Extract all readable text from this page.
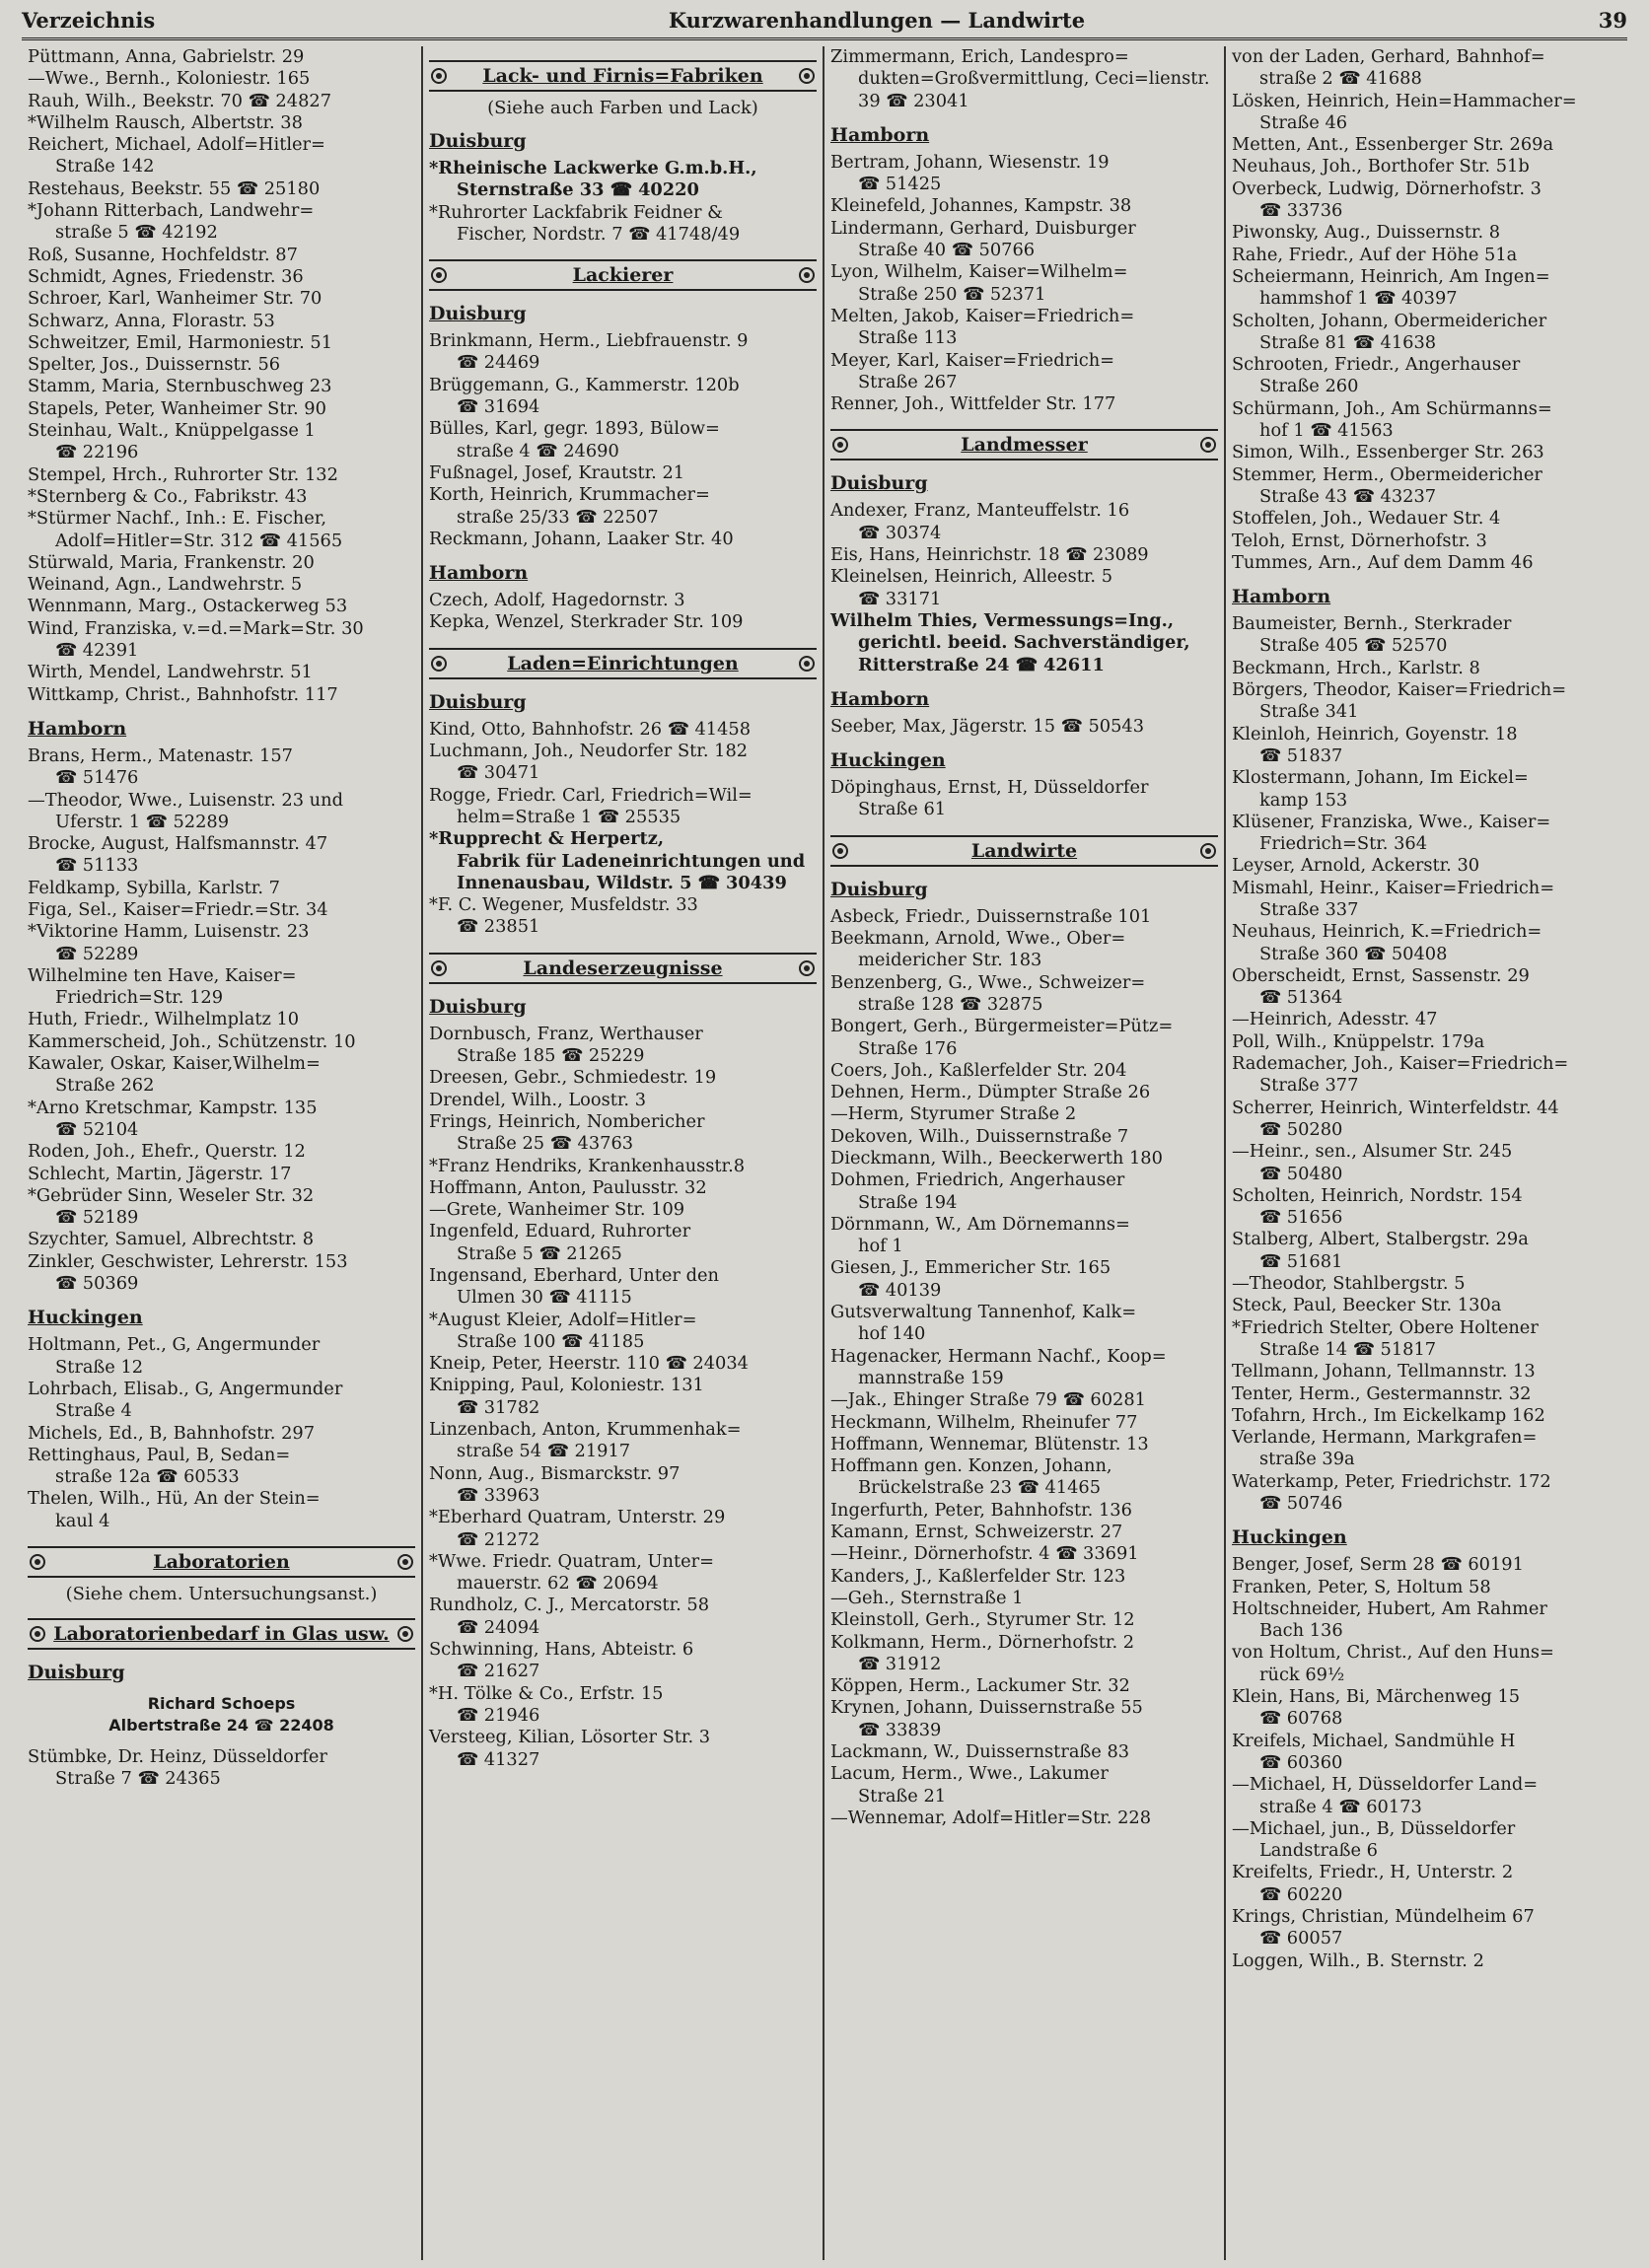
Verzeichnis	Kurzwarenhandlungen — Landwirte	39
Püttmann, Anna, Gabrielstr. 29
—Wwe., Bernh., Koloniestr. 165
Rauh, Wilh., Beekstr. 70 ☎ 24827
*Wilhelm Rausch, Albertstr. 38
Reichert, Michael, Adolf=Hitler=
Straße 142
Restehaus, Beekstr. 55 ☎ 25180
*Johann Ritterbach, Landwehr=
straße 5 ☎ 42192
Roß, Susanne, Hochfeldstr. 87
Schmidt, Agnes, Friedenstr. 36
Schroer, Karl, Wanheimer Str. 70
Schwarz, Anna, Florastr. 53
Schweitzer, Emil, Harmoniestr. 51
Spelter, Jos., Duissernstr. 56
Stamm, Maria, Sternbuschweg 23
Stapels, Peter, Wanheimer Str. 90
Steinhau, Walt., Knüppelgasse 1
☎ 22196
Stempel, Hrch., Ruhrorter Str. 132
*Sternberg & Co., Fabrikstr. 43
*Stürmer Nachf., Inh.: E. Fischer,
Adolf=Hitler=Str. 312 ☎ 41565
Stürwald, Maria, Frankenstr. 20
Weinand, Agn., Landwehrstr. 5
Wennmann, Marg., Ostackerweg 53
Wind, Franziska, v.=d.=Mark=Str. 30
☎ 42391
Wirth, Mendel, Landwehrstr. 51
Wittkamp, Christ., Bahnhofstr. 117
Hamborn
Brans, Herm., Matenastr. 157
☎ 51476
—Theodor, Wwe., Luisenstr. 23 und
Uferstr. 1 ☎ 52289
Brocke, August, Halfsmannstr. 47
☎ 51133
Feldkamp, Sybilla, Karlstr. 7
Figa, Sel., Kaiser=Friedr.=Str. 34
*Viktorine Hamm, Luisenstr. 23
☎ 52289
Wilhelmine ten Have, Kaiser=
Friedrich=Str. 129
Huth, Friedr., Wilhelmplatz 10
Kammerscheid, Joh., Schützenstr. 10
Kawaler, Oskar, Kaiser,Wilhelm=
Straße 262
*Arno Kretschmar, Kampstr. 135
☎ 52104
Roden, Joh., Ehefr., Querstr. 12
Schlecht, Martin, Jägerstr. 17
*Gebrüder Sinn, Weseler Str. 32
☎ 52189
Szychter, Samuel, Albrechtstr. 8
Zinkler, Geschwister, Lehrerstr. 153
☎ 50369
Huckingen
Holtmann, Pet., G, Angermunder
Straße 12
Lohrbach, Elisab., G, Angermunder
Straße 4
Michels, Ed., B, Bahnhofstr. 297
Rettinghaus, Paul, B, Sedan=
straße 12a ☎ 60533
Thelen, Wilh., Hü, An der Stein=
kaul 4
Laboratorien
(Siehe chem. Untersuchungsanst.)
Laboratorienbedarf in Glas usw.
Duisburg
Richard Schoeps
Albertstraße 24 ☎ 22408
Stümbke, Dr. Heinz, Düsseldorfer
Straße 7 ☎ 24365
Lack- und Firnis=Fabriken
(Siehe auch Farben und Lack)
Duisburg
*Rheinische Lackwerke G.m.b.H.,
Sternstraße 33 ☎ 40220
*Ruhrorter Lackfabrik Feidner &
Fischer, Nordstr. 7 ☎ 41748/49
Lackierer
Duisburg
Brinkmann, Herm., Liebfrauenstr. 9
☎ 24469
Brüggemann, G., Kammerstr. 120b
☎ 31694
Bülles, Karl, gegr. 1893, Bülow=
straße 4 ☎ 24690
Fußnagel, Josef, Krautstr. 21
Korth, Heinrich, Krummacher=
straße 25/33 ☎ 22507
Reckmann, Johann, Laaker Str. 40
Hamborn
Czech, Adolf, Hagedornstr. 3
Kepka, Wenzel, Sterkrader Str. 109
Laden=Einrichtungen
Duisburg
Kind, Otto, Bahnhofstr. 26 ☎ 41458
Luchmann, Joh., Neudorfer Str. 182
☎ 30471
Rogge, Friedr. Carl, Friedrich=Wil=
helm=Straße 1 ☎ 25535
*Rupprecht & Herpertz,
Fabrik für Ladeneinrichtungen und Innenausbau, Wildstr. 5 ☎ 30439
*F. C. Wegener, Musfeldstr. 33
☎ 23851
Landeserzeugnisse
Duisburg
Dornbusch, Franz, Werthauser
Straße 185 ☎ 25229
Dreesen, Gebr., Schmiedestr. 19
Drendel, Wilh., Loostr. 3
Frings, Heinrich, Nombericher
Straße 25 ☎ 43763
*Franz Hendriks, Krankenhausstr.8
Hoffmann, Anton, Paulusstr. 32
—Grete, Wanheimer Str. 109
Ingenfeld, Eduard, Ruhrorter
Straße 5 ☎ 21265
Ingensand, Eberhard, Unter den
Ulmen 30 ☎ 41115
*August Kleier, Adolf=Hitler=
Straße 100 ☎ 41185
Kneip, Peter, Heerstr. 110 ☎ 24034
Knipping, Paul, Koloniestr. 131
☎ 31782
Linzenbach, Anton, Krummenhak=
straße 54 ☎ 21917
Nonn, Aug., Bismarckstr. 97
☎ 33963
*Eberhard Quatram, Unterstr. 29
☎ 21272
*Wwe. Friedr. Quatram, Unter=
mauerstr. 62 ☎ 20694
Rundholz, C. J., Mercatorstr. 58
☎ 24094
Schwinning, Hans, Abteistr. 6
☎ 21627
*H. Tölke & Co., Erfstr. 15
☎ 21946
Versteeg, Kilian, Lösorter Str. 3
☎ 41327
Zimmermann, Erich, Landespro=
dukten=Großvermittlung, Ceci=lienstr. 39 ☎ 23041
Hamborn
Bertram, Johann, Wiesenstr. 19
☎ 51425
Kleinefeld, Johannes, Kampstr. 38
Lindermann, Gerhard, Duisburger
Straße 40 ☎ 50766
Lyon, Wilhelm, Kaiser=Wilhelm=
Straße 250 ☎ 52371
Melten, Jakob, Kaiser=Friedrich=
Straße 113
Meyer, Karl, Kaiser=Friedrich=
Straße 267
Renner, Joh., Wittfelder Str. 177
Landmesser
Duisburg
Andexer, Franz, Manteuffelstr. 16
☎ 30374
Eis, Hans, Heinrichstr. 18 ☎ 23089
Kleinelsen, Heinrich, Alleestr. 5
☎ 33171
Wilhelm Thies, Vermessungs=Ing.,
gerichtl. beeid. Sachverständiger, Ritterstraße 24 ☎ 42611
Hamborn
Seeber, Max, Jägerstr. 15 ☎ 50543
Huckingen
Döpinghaus, Ernst, H, Düsseldorfer
Straße 61
Landwirte
Duisburg
Asbeck, Friedr., Duissernstraße 101
Beekmann, Arnold, Wwe., Ober=
meidericher Str. 183
Benzenberg, G., Wwe., Schweizer=
straße 128 ☎ 32875
Bongert, Gerh., Bürgermeister=Pütz=
Straße 176
Coers, Joh., Kaßlerfelder Str. 204
Dehnen, Herm., Dümpter Straße 26
—Herm, Styrumer Straße 2
Dekoven, Wilh., Duissernstraße 7
Dieckmann, Wilh., Beeckerwerth 180
Dohmen, Friedrich, Angerhauser
Straße 194
Dörnmann, W., Am Dörnemanns=
hof 1
Giesen, J., Emmericher Str. 165
☎ 40139
Gutsverwaltung Tannenhof, Kalk=
hof 140
Hagenacker, Hermann Nachf., Koop=
mannstraße 159
—Jak., Ehinger Straße 79 ☎ 60281
Heckmann, Wilhelm, Rheinufer 77
Hoffmann, Wennemar, Blütenstr. 13
Hoffmann gen. Konzen, Johann,
Brückelstraße 23 ☎ 41465
Ingerfurth, Peter, Bahnhofstr. 136
Kamann, Ernst, Schweizerstr. 27
—Heinr., Dörnerhofstr. 4 ☎ 33691
Kanders, J., Kaßlerfelder Str. 123
—Geh., Sternstraße 1
Kleinstoll, Gerh., Styrumer Str. 12
Kolkmann, Herm., Dörnerhofstr. 2
☎ 31912
Köppen, Herm., Lackumer Str. 32
Krynen, Johann, Duissernstraße 55
☎ 33839
Lackmann, W., Duissernstraße 83
Lacum, Herm., Wwe., Lakumer
Straße 21
—Wennemar, Adolf=Hitler=Str. 228
von der Laden, Gerhard, Bahnhof=
straße 2 ☎ 41688
Lösken, Heinrich, Hein=Hammacher=
Straße 46
Metten, Ant., Essenberger Str. 269a
Neuhaus, Joh., Borthofer Str. 51b
Overbeck, Ludwig, Dörnerhofstr. 3
☎ 33736
Piwonsky, Aug., Duissernstr. 8
Rahe, Friedr., Auf der Höhe 51a
Scheiermann, Heinrich, Am Ingen=
hammshof 1 ☎ 40397
Scholten, Johann, Obermeidericher
Straße 81 ☎ 41638
Schrooten, Friedr., Angerhauser
Straße 260
Schürmann, Joh., Am Schürmanns=
hof 1 ☎ 41563
Simon, Wilh., Essenberger Str. 263
Stemmer, Herm., Obermeidericher
Straße 43 ☎ 43237
Stoffelen, Joh., Wedauer Str. 4
Teloh, Ernst, Dörnerhofstr. 3
Tummes, Arn., Auf dem Damm 46
Hamborn
Baumeister, Bernh., Sterkrader
Straße 405 ☎ 52570
Beckmann, Hrch., Karlstr. 8
Börgers, Theodor, Kaiser=Friedrich=
Straße 341
Kleinloh, Heinrich, Goyenstr. 18
☎ 51837
Klostermann, Johann, Im Eickel=
kamp 153
Klüsener, Franziska, Wwe., Kaiser=
Friedrich=Str. 364
Leyser, Arnold, Ackerstr. 30
Mismahl, Heinr., Kaiser=Friedrich=
Straße 337
Neuhaus, Heinrich, K.=Friedrich=
Straße 360 ☎ 50408
Oberscheidt, Ernst, Sassenstr. 29
☎ 51364
—Heinrich, Adesstr. 47
Poll, Wilh., Knüppelstr. 179a
Rademacher, Joh., Kaiser=Friedrich=
Straße 377
Scherrer, Heinrich, Winterfeldstr. 44
☎ 50280
—Heinr., sen., Alsumer Str. 245
☎ 50480
Scholten, Heinrich, Nordstr. 154
☎ 51656
Stalberg, Albert, Stalbergstr. 29a
☎ 51681
—Theodor, Stahlbergstr. 5
Steck, Paul, Beecker Str. 130a
*Friedrich Stelter, Obere Holtener
Straße 14 ☎ 51817
Tellmann, Johann, Tellmannstr. 13
Tenter, Herm., Gestermannstr. 32
Tofahrn, Hrch., Im Eickelkamp 162
Verlande, Hermann, Markgrafen=
straße 39a
Waterkamp, Peter, Friedrichstr. 172
☎ 50746
Huckingen
Benger, Josef, Serm 28 ☎ 60191
Franken, Peter, S, Holtum 58
Holtschneider, Hubert, Am Rahmer
Bach 136
von Holtum, Christ., Auf den Huns=
rück 69½
Klein, Hans, Bi, Märchenweg 15
☎ 60768
Kreifels, Michael, Sandmühle H
☎ 60360
—Michael, H, Düsseldorfer Land=
straße 4 ☎ 60173
—Michael, jun., B, Düsseldorfer
Landstraße 6
Kreifelts, Friedr., H, Unterstr. 2
☎ 60220
Krings, Christian, Mündelheim 67
☎ 60057
Loggen, Wilh., B. Sternstr. 2
